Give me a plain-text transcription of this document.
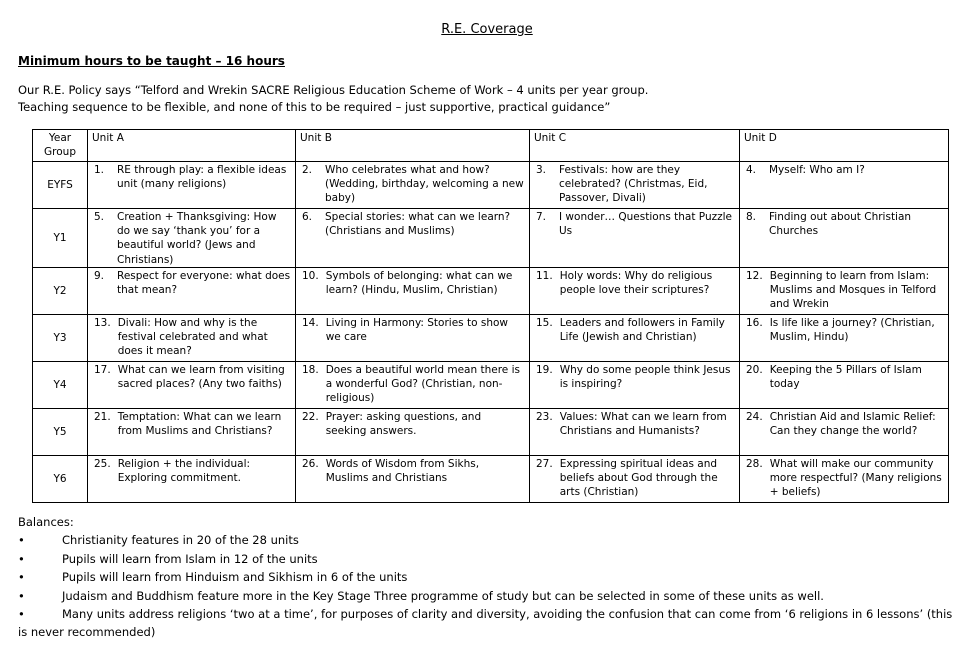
R.E. Coverage
Minimum hours to be taught – 16 hours

Our R.E. Policy says “Telford and Wrekin SACRE Religious Education Scheme of Work – 4 units per year group.

Teaching sequence to be flexible, and none of this to be required – just supportive, practical guidance”

Year Group	Unit A	Unit B	Unit C	Unit D
EYFS	1. RE through play: a flexible ideas unit (many religions)	2. Who celebrates what and how? (Wedding, birthday, welcoming a new baby)	3. Festivals: how are they celebrated? (Christmas, Eid, Passover, Divali)	4. Myself: Who am I?

Y1	5. Creation + Thanksgiving: How do we say ‘thank you’ for a beautiful world? (Jews and Christians)	6. Special stories: what can we learn? (Christians and Muslims)	7. I wonder… Questions that Puzzle Us	8. Finding out about Christian Churches

Y2	9. Respect for everyone: what does that mean?	10. Symbols of belonging: what can we learn? (Hindu, Muslim, Christian)	11. Holy words: Why do religious people love their scriptures?	12. Beginning to learn from Islam: Muslims and Mosques in Telford and Wrekin

Y3	13. Divali: How and why is the festival celebrated and what does it mean?	14. Living in Harmony: Stories to show we care	15. Leaders and followers in Family Life (Jewish and Christian)	16. Is life like a journey? (Christian, Muslim, Hindu)

Y4	17. What can we learn from visiting sacred places? (Any two faiths)	18. Does a beautiful world mean there is a wonderful God? (Christian, non-religious)	19. Why do some people think Jesus is inspiring?	20. Keeping the 5 Pillars of Islam today

Y5	21. Temptation: What can we learn from Muslims and Christians?	22. Prayer: asking questions, and seeking answers.	23. Values: What can we learn from Christians and Humanists?	24. Christian Aid and Islamic Relief: Can they change the world?

Y6	25. Religion + the individual: Exploring commitment.	26. Words of Wisdom from Sikhs, Muslims and Christians	27. Expressing spiritual ideas and beliefs about God through the arts (Christian)	28. What will make our community more respectful? (Many religions + beliefs)

Balances:

•	Christianity features in 20 of the 28 units
•	Pupils will learn from Islam in 12 of the units
•	Pupils will learn from Hinduism and Sikhism in 6 of the units
•	Judaism and Buddhism feature more in the Key Stage Three programme of study but can be selected in some of these units as well.
•	Many units address religions ‘two at a time’, for purposes of clarity and diversity, avoiding the confusion that can come from ‘6 religions in 6 lessons’ (this is never recommended)
